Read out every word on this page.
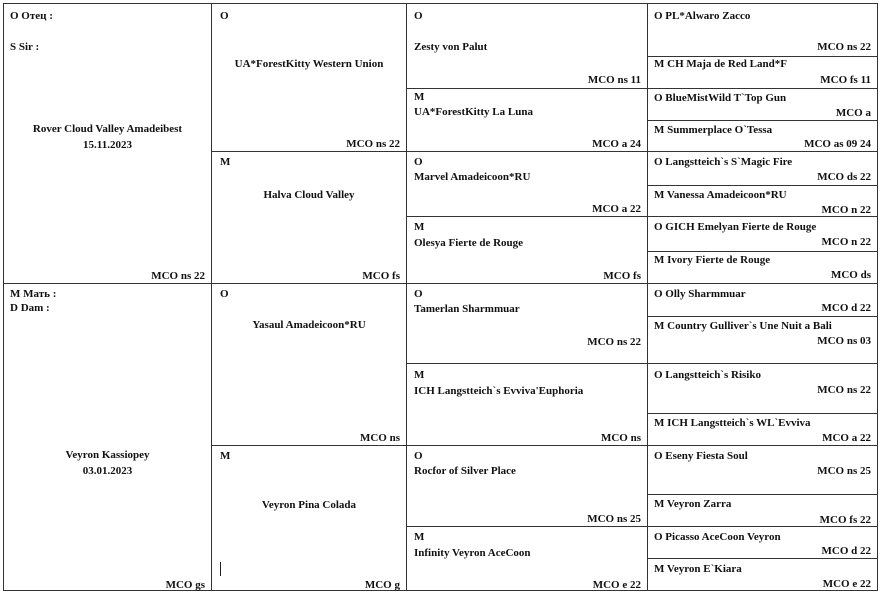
O Отец :
S Sir :
Rover Cloud Valley Amadeibest
15.11.2023
MCO ns 22
M Мать :
D Dam :
Veyron Kassiopey
03.01.2023
MCO gs
O
UA*ForestKitty Western Union
MCO ns 22
M
Halva Cloud Valley
MCO fs
O
Yasaul Amadeicoon*RU
MCO ns
M
Veyron Pina Colada
MCO g
O
Zesty von Palut
MCO ns 11
M
UA*ForestKitty La Luna
MCO a 24
O
Marvel Amadeicoon*RU
MCO a 22
M
Olesya Fierte de Rouge
MCO fs
O
Tamerlan Sharmmuar
MCO ns 22
M
ICH Langstteich`s Evviva'Euphoria
MCO ns
O
Rocfor of Silver Place
MCO ns 25
M
Infinity Veyron AceCoon
MCO e 22
O PL*Alwaro Zacco
MCO ns 22
M CH Maja de Red Land*F
MCO fs 11
O BlueMistWild T`Top Gun
MCO a
M Summerplace O`Tessa
MCO as 09 24
O Langstteich`s S`Magic Fire
MCO ds 22
M Vanessa Amadeicoon*RU
MCO n 22
O GICH Emelyan Fierte de Rouge
MCO n 22
M Ivory Fierte de Rouge
MCO ds
O Olly Sharmmuar
MCO d 22
M Country Gulliver`s Une Nuit a Bali
MCO ns 03
O Langstteich`s Risiko
MCO ns 22
M ICH Langstteich`s WL`Evviva
MCO a 22
O Eseny Fiesta Soul
MCO ns 25
M Veyron Zarra
MCO fs 22
O Picasso AceCoon Veyron
MCO d 22
M Veyron E`Kiara
MCO e 22
